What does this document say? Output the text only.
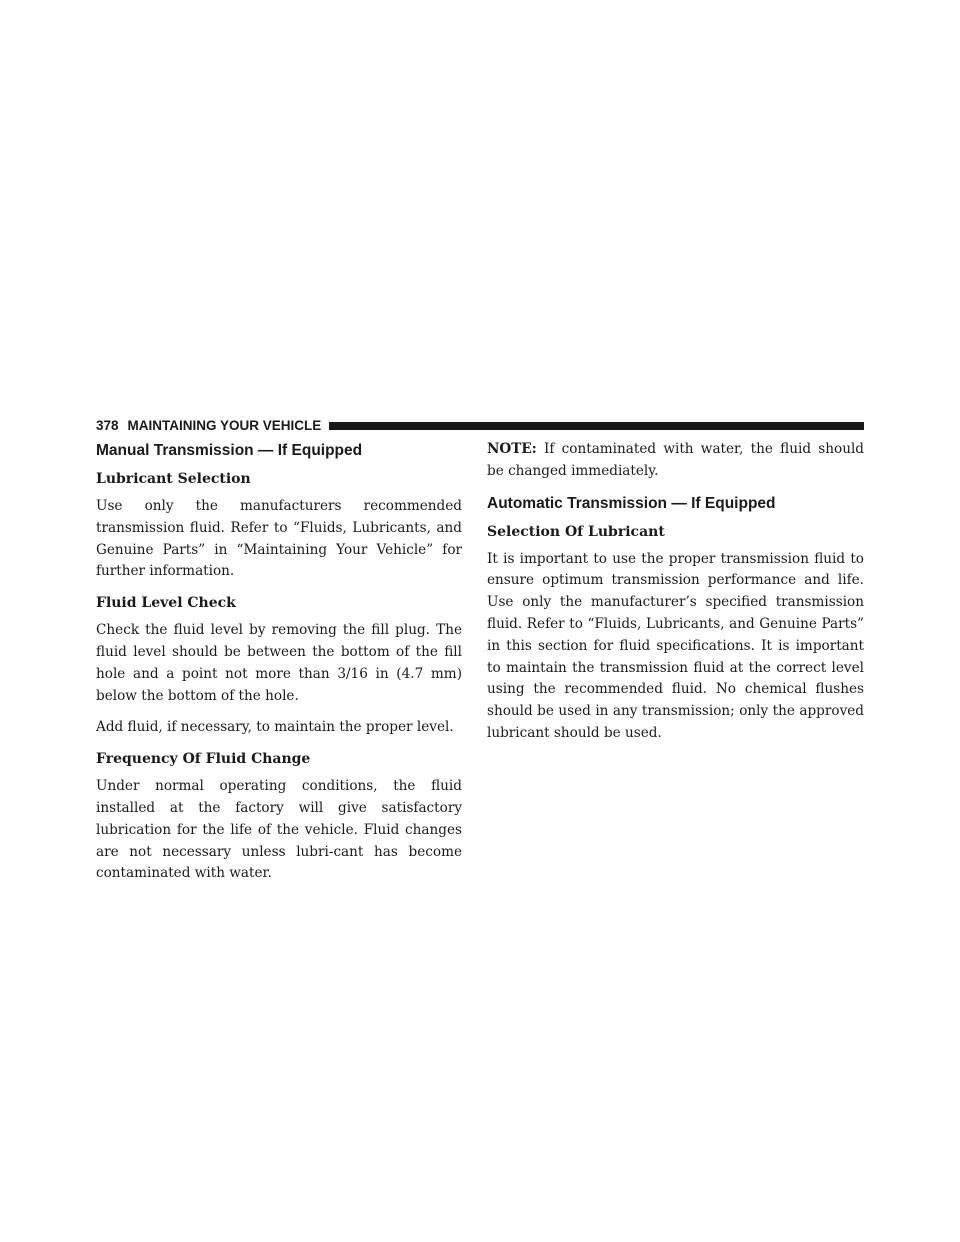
378 MAINTAINING YOUR VEHICLE
Manual Transmission — If Equipped
Lubricant Selection

Use only the manufacturers recommended transmission fluid. Refer to “Fluids, Lubricants, and Genuine Parts” in “Maintaining Your Vehicle” for further information.

Fluid Level Check

Check the fluid level by removing the fill plug. The fluid level should be between the bottom of the fill hole and a point not more than 3/16 in (4.7 mm) below the bottom of the hole.

Add fluid, if necessary, to maintain the proper level.

Frequency Of Fluid Change

Under normal operating conditions, the fluid installed at the factory will give satisfactory lubrication for the life of the vehicle. Fluid changes are not necessary unless lubri-cant has become contaminated with water.

NOTE: If contaminated with water, the fluid should be changed immediately.

Automatic Transmission — If Equipped
Selection Of Lubricant

It is important to use the proper transmission fluid to ensure optimum transmission performance and life. Use only the manufacturer’s specified transmission fluid. Refer to “Fluids, Lubricants, and Genuine Parts” in this section for fluid specifications. It is important to maintain the transmission fluid at the correct level using the recommended fluid. No chemical flushes should be used in any transmission; only the approved lubricant should be used.
